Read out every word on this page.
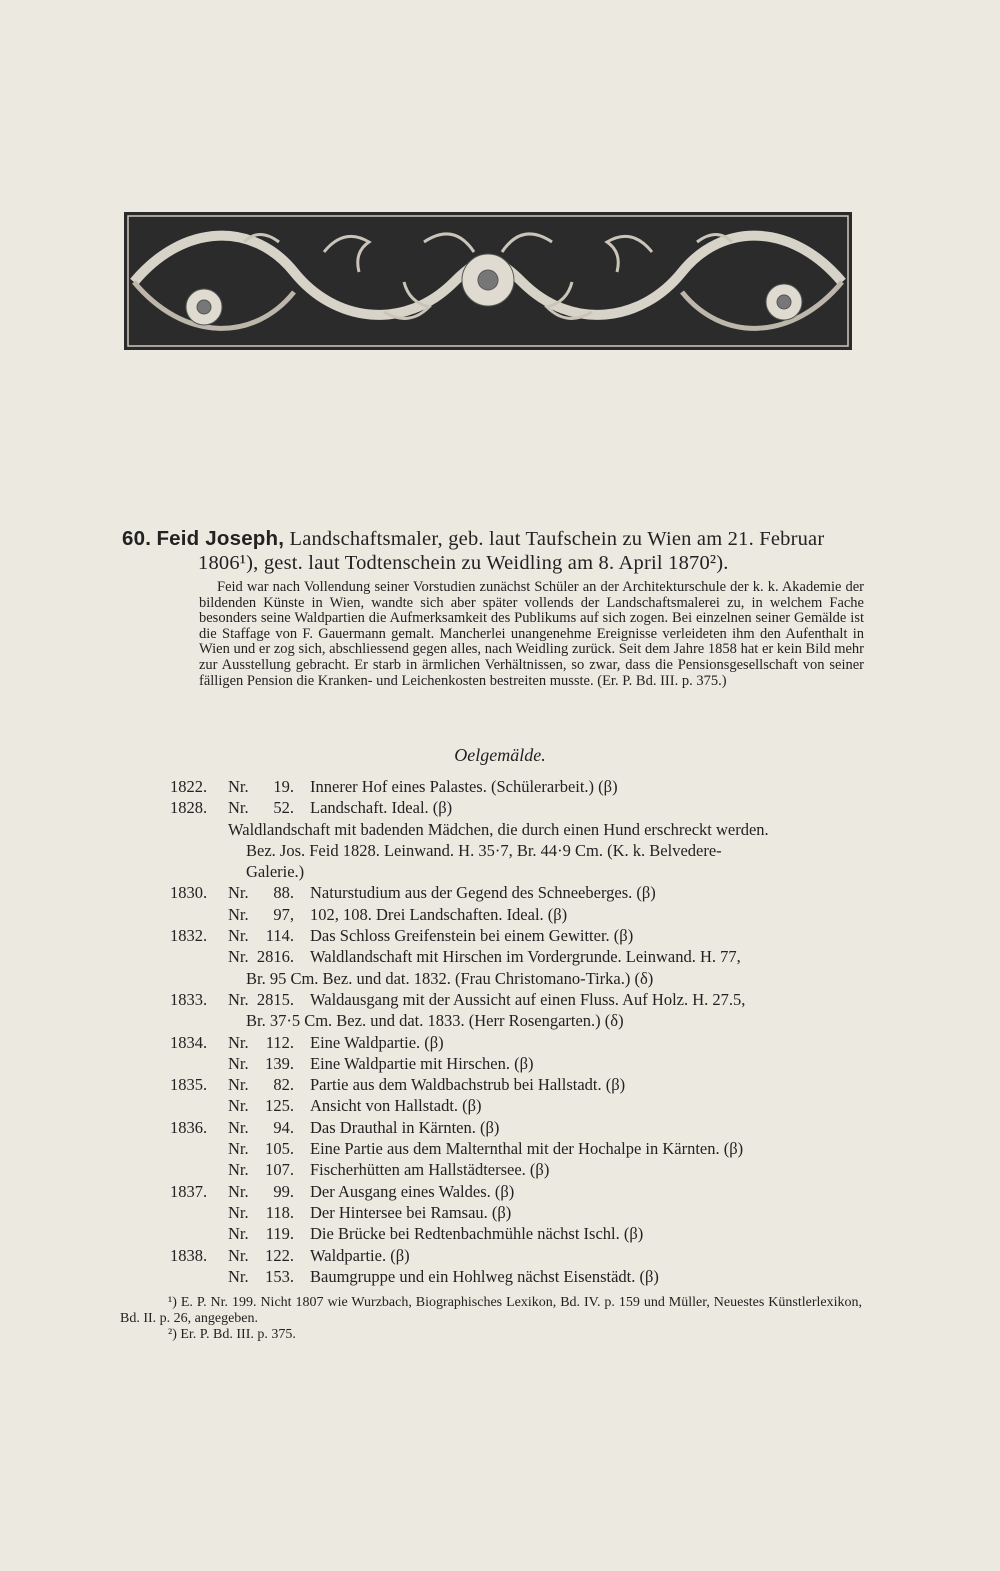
60. Feid Joseph, Landschaftsmaler, geb. laut Taufschein zu Wien am 21. Februar
1806¹), gest. laut Todtenschein zu Weidling am 8. April 1870²).
Feid war nach Vollendung seiner Vorstudien zunächst Schüler an der Architekturschule der k. k. Akademie der bildenden Künste in Wien, wandte sich aber später vollends der Landschaftsmalerei zu, in welchem Fache besonders seine Waldpartien die Aufmerksamkeit des Publikums auf sich zogen. Bei einzelnen seiner Gemälde ist die Staffage von F. Gauermann gemalt. Mancherlei unangenehme Ereignisse verleideten ihm den Aufenthalt in Wien und er zog sich, abschliessend gegen alles, nach Weidling zurück. Seit dem Jahre 1858 hat er kein Bild mehr zur Ausstellung gebracht. Er starb in ärmlichen Verhältnissen, so zwar, dass die Pensionsgesellschaft von seiner fälligen Pension die Kranken- und Leichenkosten bestreiten musste. (Er. P. Bd. III. p. 375.)
Oelgemälde.
1822.	Nr.	19. Innerer Hof eines Palastes. (Schülerarbeit.) (β)
1828.	Nr.	52. Landschaft. Ideal. (β)
Waldlandschaft mit badenden Mädchen, die durch einen Hund erschreckt werden.
Bez. Jos. Feid 1828. Leinwand. H. 35·7, Br. 44·9 Cm. (K. k. Belvedere-
Galerie.)
1830.	Nr.	88. Naturstudium aus der Gegend des Schneeberges. (β)
Nr.	97, 102, 108. Drei Landschaften. Ideal. (β)
1832.	Nr.	114. Das Schloss Greifenstein bei einem Gewitter. (β)
Nr. 2816. Waldlandschaft mit Hirschen im Vordergrunde. Leinwand. H. 77,
Br. 95 Cm. Bez. und dat. 1832. (Frau Christomano-Tirka.) (δ)
1833.	Nr. 2815. Waldausgang mit der Aussicht auf einen Fluss. Auf Holz. H. 27.5,
Br. 37·5 Cm. Bez. und dat. 1833. (Herr Rosengarten.) (δ)
1834.	Nr.	112. Eine Waldpartie. (β)
Nr.	139. Eine Waldpartie mit Hirschen. (β)
1835.	Nr.	82. Partie aus dem Waldbachstrub bei Hallstadt. (β)
Nr.	125. Ansicht von Hallstadt. (β)
1836.	Nr.	94. Das Drauthal in Kärnten. (β)
Nr.	105. Eine Partie aus dem Malternthal mit der Hochalpe in Kärnten. (β)
Nr.	107. Fischerhütten am Hallstädtersee. (β)
1837.	Nr.	99. Der Ausgang eines Waldes. (β)
Nr.	118. Der Hintersee bei Ramsau. (β)
Nr.	119. Die Brücke bei Redtenbachmühle nächst Ischl. (β)
1838.	Nr.	122. Waldpartie. (β)
Nr.	153. Baumgruppe und ein Hohlweg nächst Eisenstädt. (β)

¹) E. P. Nr. 199. Nicht 1807 wie Wurzbach, Biographisches Lexikon, Bd. IV. p. 159 und Müller, Neuestes Künstlerlexikon, Bd. II. p. 26, angegeben.

²) Er. P. Bd. III. p. 375.
